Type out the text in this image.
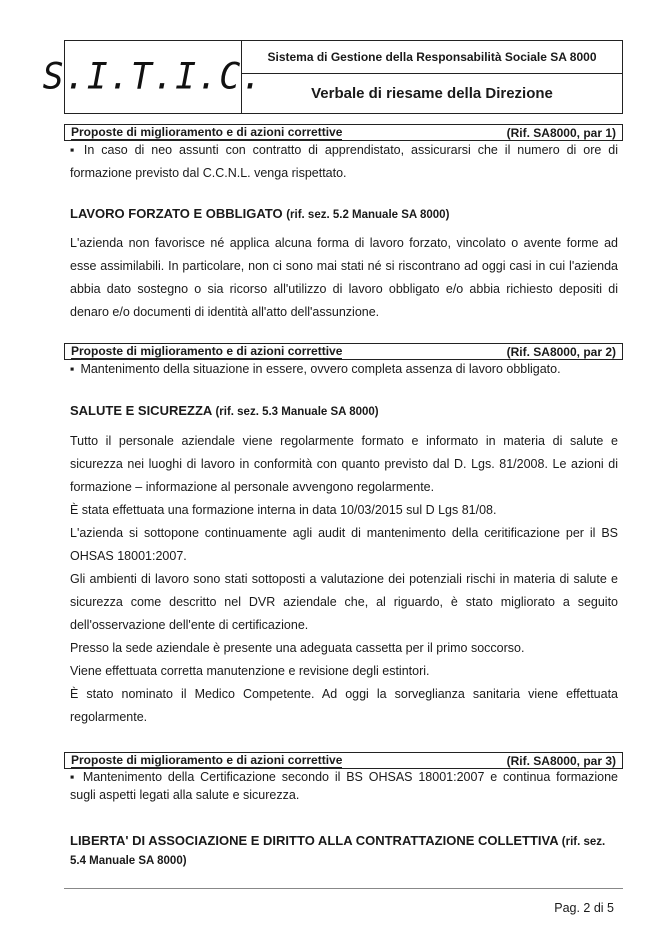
S.I.T.I.C. Sistema di Gestione della Responsabilità Sociale SA 8000
Verbale di riesame della Direzione
Proposte di miglioramento e di azioni correttive	(Rif. SA8000, par 1)

▪ In caso di neo assunti con contratto di apprendistato, assicurarsi che il numero di ore di formazione previsto dal C.C.N.L. venga rispettato.

LAVORO FORZATO E OBBLIGATO (rif. sez. 5.2 Manuale SA 8000)

L'azienda non favorisce né applica alcuna forma di lavoro forzato, vincolato o avente forme ad esse assimilabili. In particolare, non ci sono mai stati né si riscontrano ad oggi casi in cui l'azienda abbia dato sostegno o sia ricorso all'utilizzo di lavoro obbligato e/o abbia richiesto depositi di denaro e/o documenti di identità all'atto dell'assunzione.

Proposte di miglioramento e di azioni correttive	(Rif. SA8000, par 2)

▪ Mantenimento della situazione in essere, ovvero completa assenza di lavoro obbligato.

SALUTE E SICUREZZA (rif. sez. 5.3 Manuale SA 8000)

Tutto il personale aziendale viene regolarmente formato e informato in materia di salute e sicurezza nei luoghi di lavoro in conformità con quanto previsto dal D. Lgs. 81/2008. Le azioni di formazione – informazione al personale avvengono regolarmente.

È stata effettuata una formazione interna in data 10/03/2015 sul D Lgs 81/08.

L'azienda si sottopone continuamente agli audit di mantenimento della ceritificazione per il BS OHSAS 18001:2007.

Gli ambienti di lavoro sono stati sottoposti a valutazione dei potenziali rischi in materia di salute e sicurezza come descritto nel DVR aziendale che, al riguardo, è stato migliorato a seguito dell'osservazione dell'ente di certificazione.

Presso la sede aziendale è presente una adeguata cassetta per il primo soccorso.

Viene effettuata corretta manutenzione e revisione degli estintori.

È stato nominato il Medico Competente. Ad oggi la sorveglianza sanitaria viene effettuata regolarmente.

Proposte di miglioramento e di azioni correttive	(Rif. SA8000, par 3)

▪ Mantenimento della Certificazione secondo il BS OHSAS 18001:2007 e continua formazione sugli aspetti legati alla salute e sicurezza.

LIBERTA' DI ASSOCIAZIONE E DIRITTO ALLA CONTRATTAZIONE COLLETTIVA (rif. sez. 5.4 Manuale SA 8000)
Pag. 2 di 5
